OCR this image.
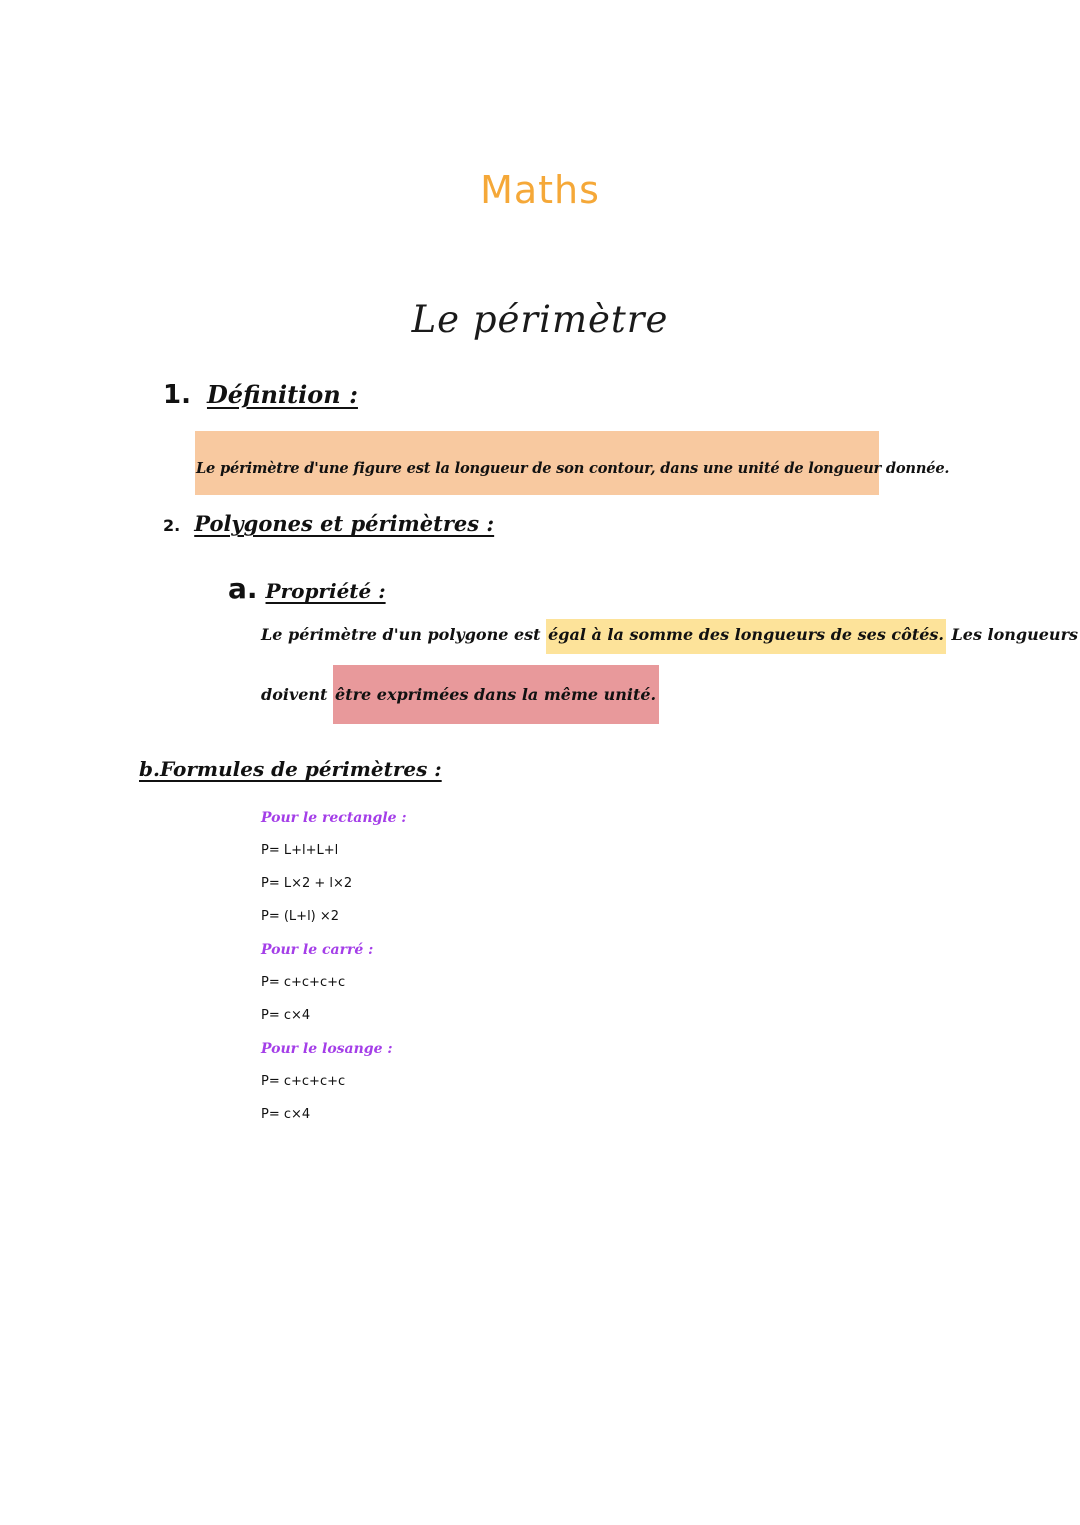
Maths
Le périmètre
1. Définition :
Le périmètre d'une figure est la longueur de son contour, dans une unité de longueur donnée.
2. Polygones et périmètres :
a. Propriété :
Le périmètre d'un polygone est égal à la somme des longueurs de ses côtés. Les longueurs
doivent être exprimées dans la même unité.
b.Formules de périmètres :
Pour le rectangle :
P= L+l+L+l
P= L×2 + l×2
P= (L+l) ×2
Pour le carré :
P= c+c+c+c
P= c×4
Pour le losange :
P= c+c+c+c
P= c×4
